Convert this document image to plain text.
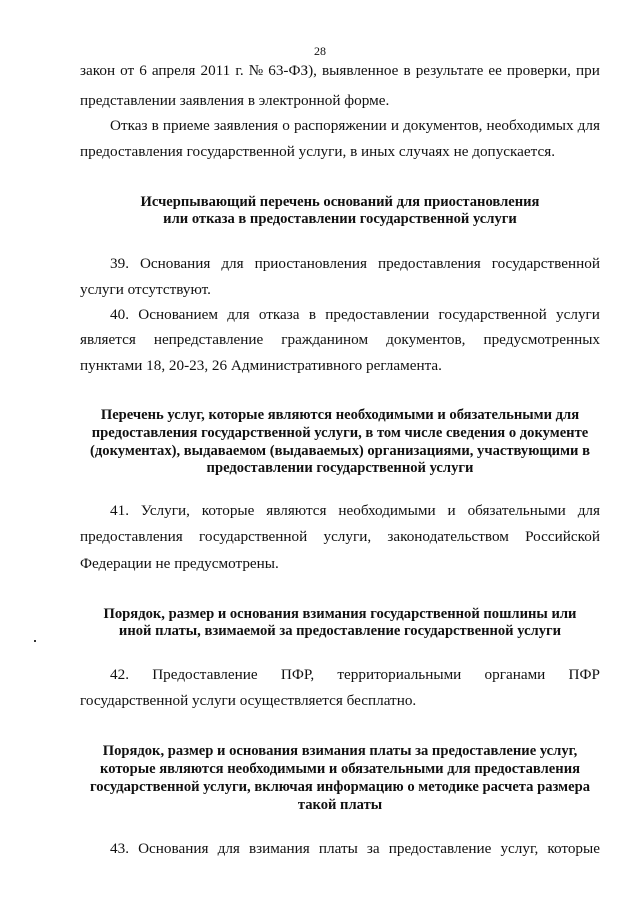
28
закон от 6 апреля 2011 г. № 63-ФЗ), выявленное в результате ее проверки, при
представлении заявления в электронной форме.
Отказ в приеме заявления о распоряжении и документов, необходимых для
предоставления государственной услуги, в иных случаях не допускается.
Исчерпывающий перечень оснований для приостановления
или отказа в предоставлении государственной услуги
39. Основания для приостановления предоставления государственной
услуги отсутствуют.
40. Основанием для отказа в предоставлении государственной услуги
является непредставление гражданином документов, предусмотренных
пунктами 18, 20-23, 26 Административного регламента.
Перечень услуг, которые являются необходимыми и обязательными для
предоставления государственной услуги, в том числе сведения о документе
(документах), выдаваемом (выдаваемых) организациями, участвующими в
предоставлении государственной услуги
41. Услуги, которые являются необходимыми и обязательными для
предоставления государственной услуги, законодательством Российской
Федерации не предусмотрены.
Порядок, размер и основания взимания государственной пошлины или
иной платы, взимаемой за предоставление государственной услуги
42. Предоставление ПФР, территориальными органами ПФР
государственной услуги осуществляется бесплатно.
Порядок, размер и основания взимания платы за предоставление услуг,
которые являются необходимыми и обязательными для предоставления
государственной услуги, включая информацию о методике расчета размера
такой платы
43. Основания для взимания платы за предоставление услуг, которые
